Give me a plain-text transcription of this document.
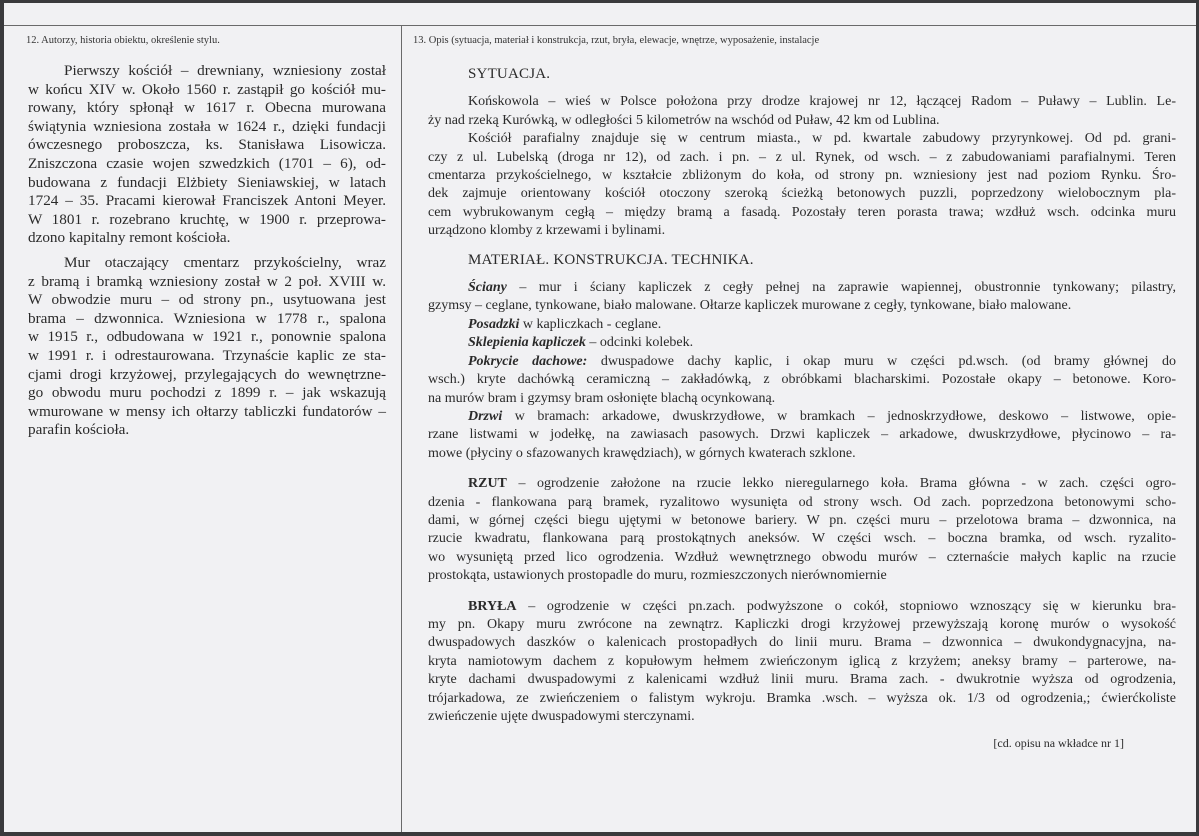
12. Autorzy, historia obiektu, określenie stylu.	13. Opis (sytuacja, materiał i konstrukcja, rzut, bryła, elewacje, wnętrze, wyposażenie, instalacje
Pierwszy kościół – drewniany, wzniesiony został
w końcu XIV w. Około 1560 r. zastąpił go kościół mu-
rowany, który spłonął w 1617 r. Obecna murowana
świątynia wzniesiona została w 1624 r., dzięki fundacji
ówczesnego proboszcza, ks. Stanisława Lisowicza.
Zniszczona czasie wojen szwedzkich (1701 – 6), od-
budowana z fundacji Elżbiety Sieniawskiej, w latach
1724 – 35. Pracami kierował Franciszek Antoni Meyer.
W 1801 r. rozebrano kruchtę, w 1900 r. przeprowa-
dzono kapitalny remont kościoła.
Mur otaczający cmentarz przykościelny, wraz
z bramą i bramką wzniesiony został w 2 poł. XVIII w.
W obwodzie muru – od strony pn., usytuowana jest
brama – dzwonnica. Wzniesiona w 1778 r., spalona
w 1915 r., odbudowana w 1921 r., ponownie spalona
w 1991 r. i odrestaurowana. Trzynaście kaplic ze sta-
cjami drogi krzyżowej, przylegających do wewnętrzne-
go obwodu muru pochodzi z 1899 r. – jak wskazują
wmurowane w mensy ich ołtarzy tabliczki fundatorów –
parafin kościoła.
SYTUACJA.
Końskowola – wieś w Polsce położona przy drodze krajowej nr 12, łączącej Radom – Puławy – Lublin. Le-
ży nad rzeką Kurówką, w odległości 5 kilometrów na wschód od Puław, 42 km od Lublina.
Kościół parafialny znajduje się w centrum miasta., w pd. kwartale zabudowy przyrynkowej. Od pd. grani-
czy z ul. Lubelską (droga nr 12), od zach. i pn. – z ul. Rynek, od wsch. – z zabudowaniami parafialnymi. Teren
cmentarza przykościelnego, w kształcie zbliżonym do koła, od strony pn. wzniesiony jest nad poziom Rynku. Śro-
dek zajmuje orientowany kościół otoczony szeroką ścieżką betonowych puzzli, poprzedzony wielobocznym pla-
cem wybrukowanym cegłą – między bramą a fasadą. Pozostały teren porasta trawa; wzdłuż wsch. odcinka muru
urządzono klomby z krzewami i bylinami.
MATERIAŁ. KONSTRUKCJA. TECHNIKA.
Ściany – mur i ściany kapliczek z cegły pełnej na zaprawie wapiennej, obustronnie tynkowany; pilastry,
gzymsy – ceglane, tynkowane, biało malowane. Ołtarze kapliczek murowane z cegły, tynkowane, biało malowane.
Posadzki w kapliczkach - ceglane.
Sklepienia kapliczek – odcinki kolebek.
Pokrycie dachowe: dwuspadowe dachy kaplic, i okap muru w części pd.wsch. (od bramy głównej do
wsch.) kryte dachówką ceramiczną – zakładówką, z obróbkami blacharskimi. Pozostałe okapy – betonowe. Koro-
na murów bram i gzymsy bram osłonięte blachą ocynkowaną.
Drzwi w bramach: arkadowe, dwuskrzydłowe, w bramkach – jednoskrzydłowe, deskowo – listwowe, opie-
rzane listwami w jodełkę, na zawiasach pasowych. Drzwi kapliczek – arkadowe, dwuskrzydłowe, płycinowo – ra-
mowe (płyciny o sfazowanych krawędziach), w górnych kwaterach szklone.
RZUT – ogrodzenie założone na rzucie lekko nieregularnego koła. Brama główna - w zach. części ogro-
dzenia - flankowana parą bramek, ryzalitowo wysunięta od strony wsch. Od zach. poprzedzona betonowymi scho-
dami, w górnej części biegu ujętymi w betonowe bariery. W pn. części muru – przelotowa brama – dzwonnica, na
rzucie kwadratu, flankowana parą prostokątnych aneksów. W części wsch. – boczna bramka, od wsch. ryzalito-
wo wysuniętą przed lico ogrodzenia. Wzdłuż wewnętrznego obwodu murów – czternaście małych kaplic na rzucie
prostokąta, ustawionych prostopadle do muru, rozmieszczonych nierównomiernie
BRYŁA – ogrodzenie w części pn.zach. podwyższone o cokół, stopniowo wznoszący się w kierunku bra-
my pn. Okapy muru zwrócone na zewnątrz. Kapliczki drogi krzyżowej przewyższają koronę murów o wysokość
dwuspadowych daszków o kalenicach prostopadłych do linii muru. Brama – dzwonnica – dwukondygnacyjna, na-
kryta namiotowym dachem z kopułowym hełmem zwieńczonym iglicą z krzyżem; aneksy bramy – parterowe, na-
kryte dachami dwuspadowymi z kalenicami wzdłuż linii muru. Brama zach. - dwukrotnie wyższa od ogrodzenia,
trójarkadowa, ze zwieńczeniem o falistym wykroju. Bramka .wsch. – wyższa ok. 1/3 od ogrodzenia,; ćwierćkoliste
zwieńczenie ujęte dwuspadowymi sterczynami.
[cd. opisu na wkładce nr 1]
